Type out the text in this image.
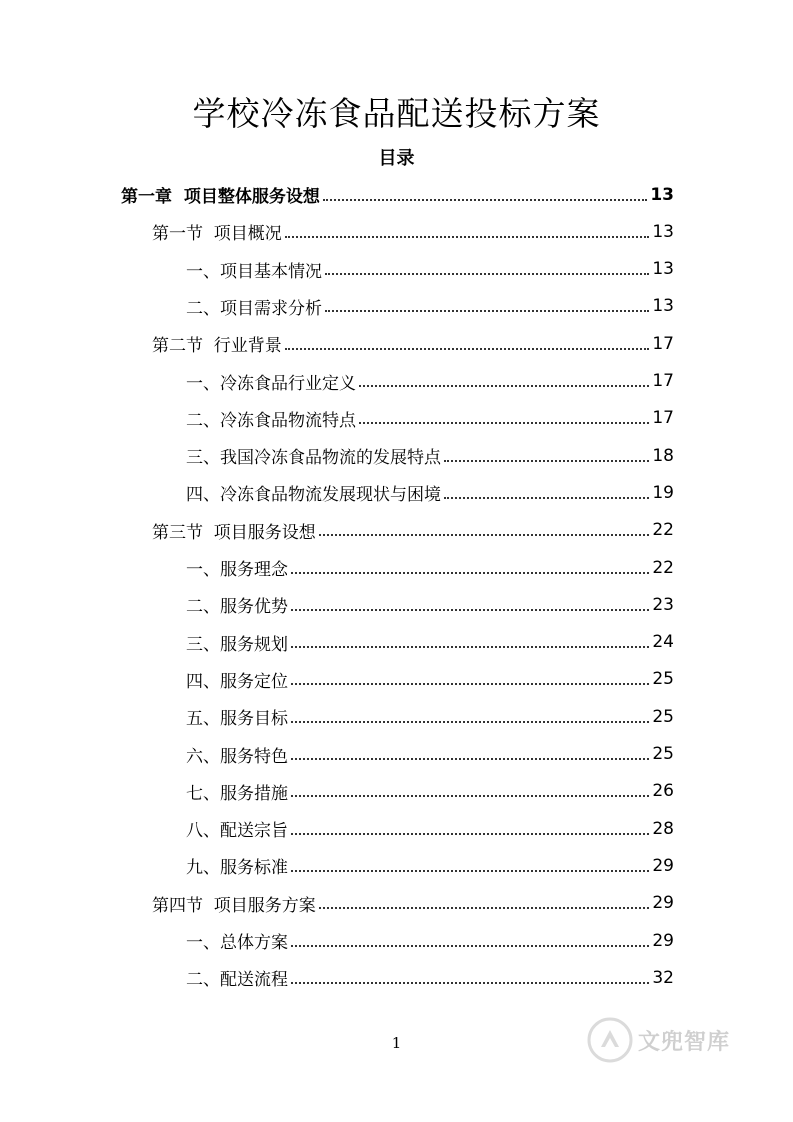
学校冷冻食品配送投标方案
目录
第一章  项目整体服务设想	13
第一节  项目概况	13
一、项目基本情况	13
二、项目需求分析	13
第二节  行业背景	17
一、冷冻食品行业定义	17
二、冷冻食品物流特点	17
三、我国冷冻食品物流的发展特点	18
四、冷冻食品物流发展现状与困境	19
第三节  项目服务设想	22
一、服务理念	22
二、服务优势	23
三、服务规划	24
四、服务定位	25
五、服务目标	25
六、服务特色	25
七、服务措施	26
八、配送宗旨	28
九、服务标准	29
第四节  项目服务方案	29
一、总体方案	29
二、配送流程	32
1	文兜智库
